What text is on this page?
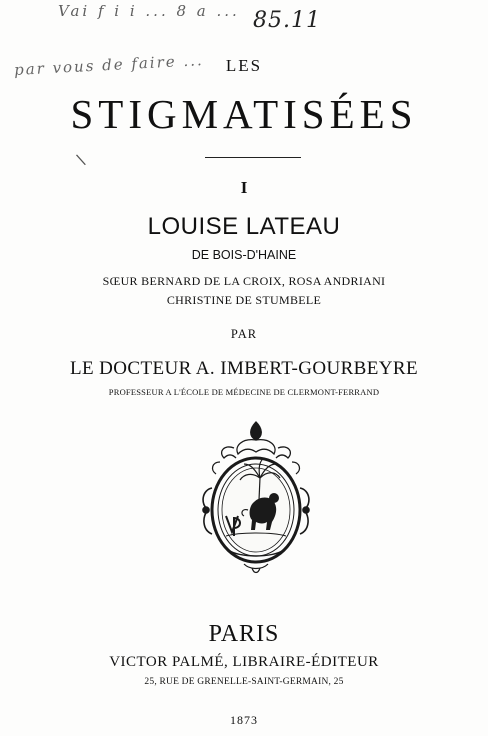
Vai f i i ... 8 a ... 85.11
par vous de faire ...
\
LES
STIGMATISÉES
I
LOUISE LATEAU
DE BOIS-D'HAINE
SŒUR BERNARD DE LA CROIX, ROSA ANDRIANI
CHRISTINE DE STUMBELE
PAR
LE DOCTEUR A. IMBERT-GOURBEYRE
PROFESSEUR A L'ÉCOLE DE MÉDECINE DE CLERMONT-FERRAND
PARIS
VICTOR PALMÉ, LIBRAIRE-ÉDITEUR
25, RUE DE GRENELLE-SAINT-GERMAIN, 25
1873
